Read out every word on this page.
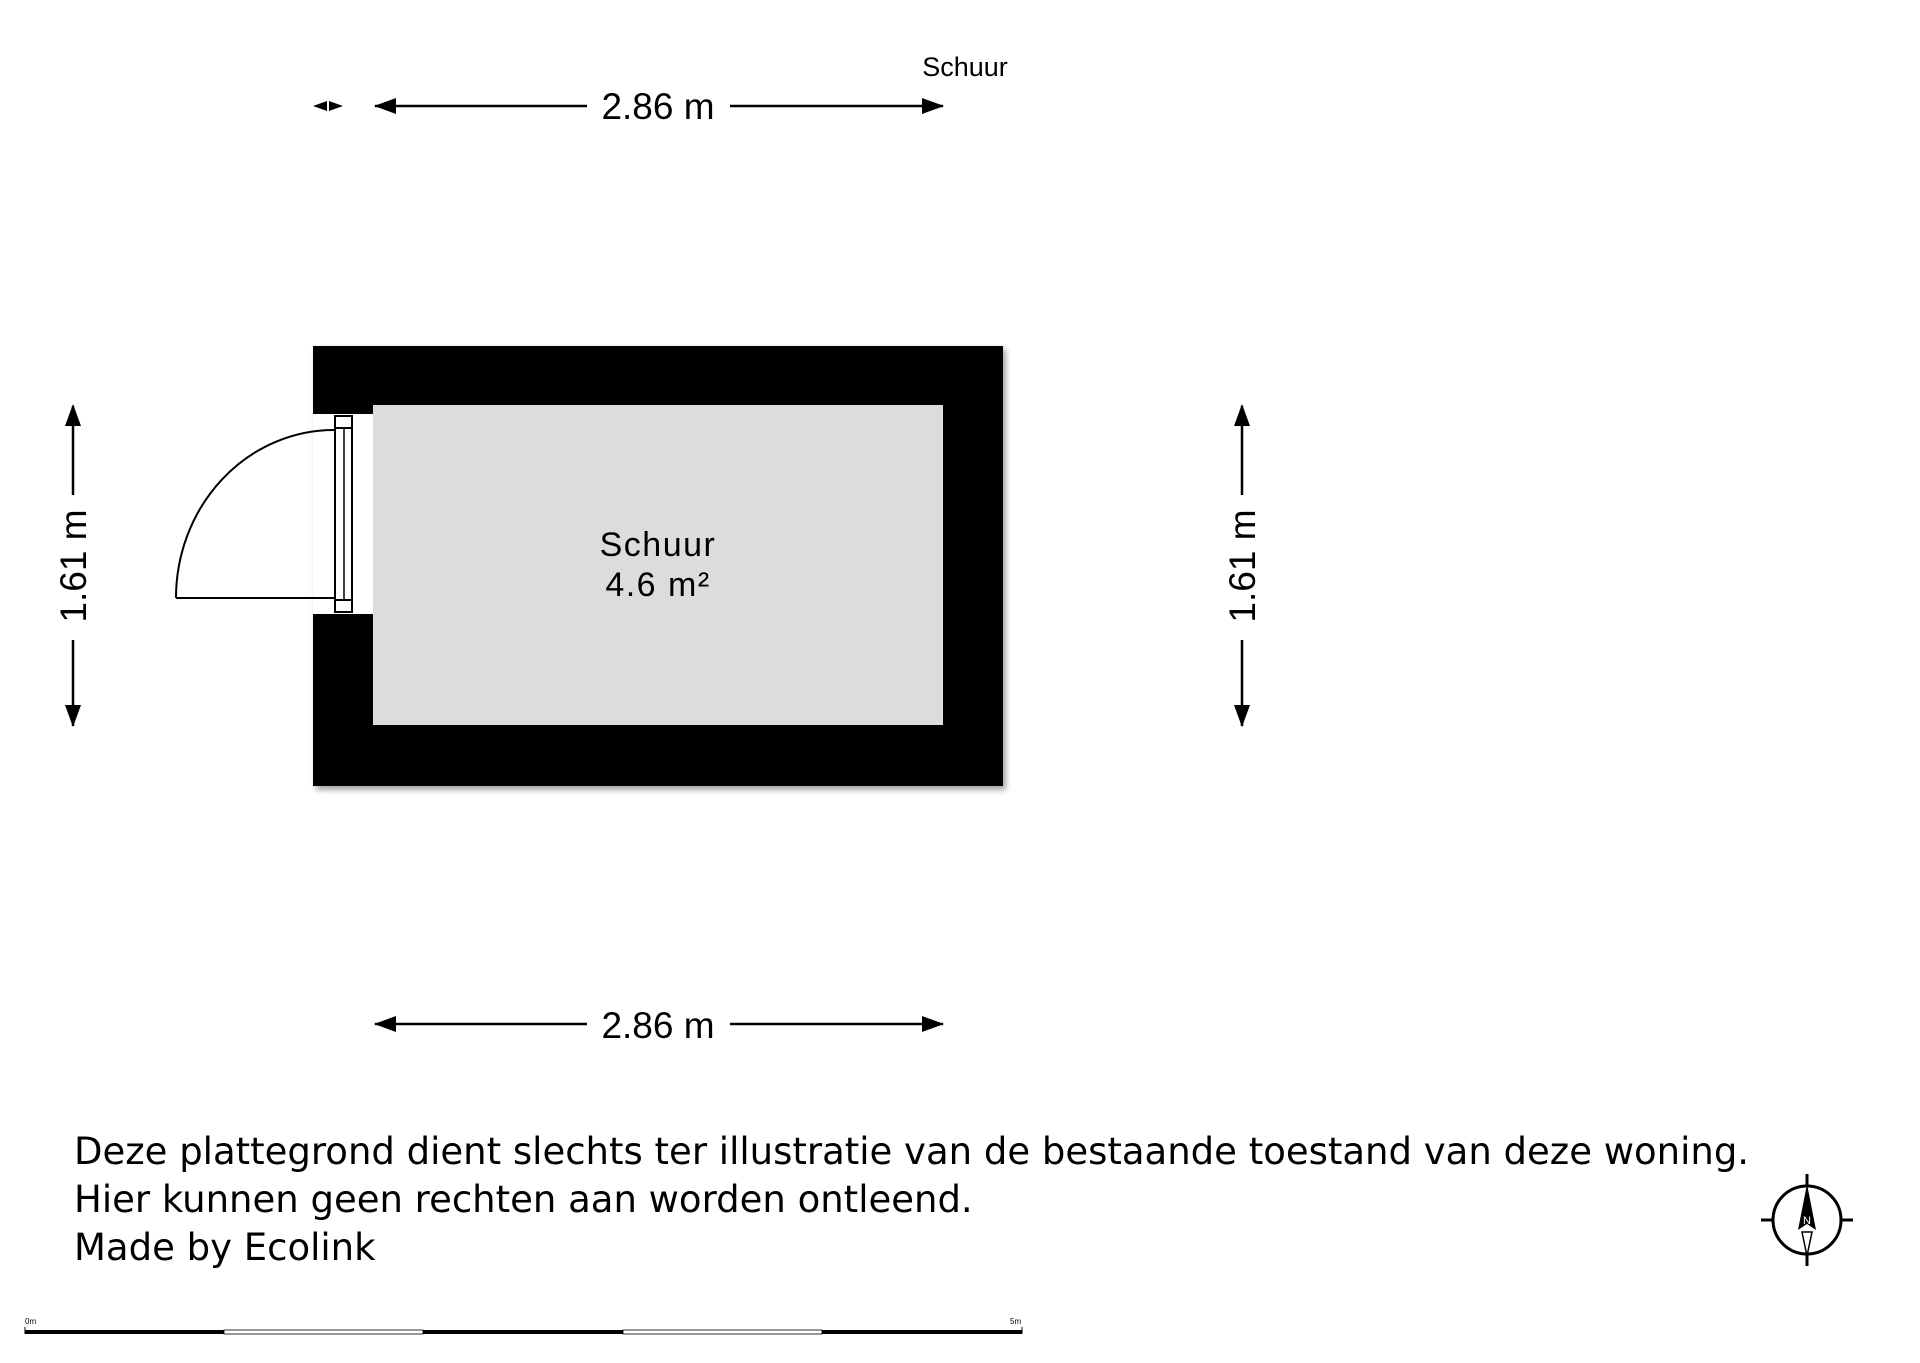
Schuur
2.86 m
1.61 m	1.61 m
2.86 m
Schuur
4.6 m²
N
0m	5m
Deze plattegrond dient slechts ter illustratie van de bestaande toestand van deze woning.
Hier kunnen geen rechten aan worden ontleend.
Made by Ecolink
